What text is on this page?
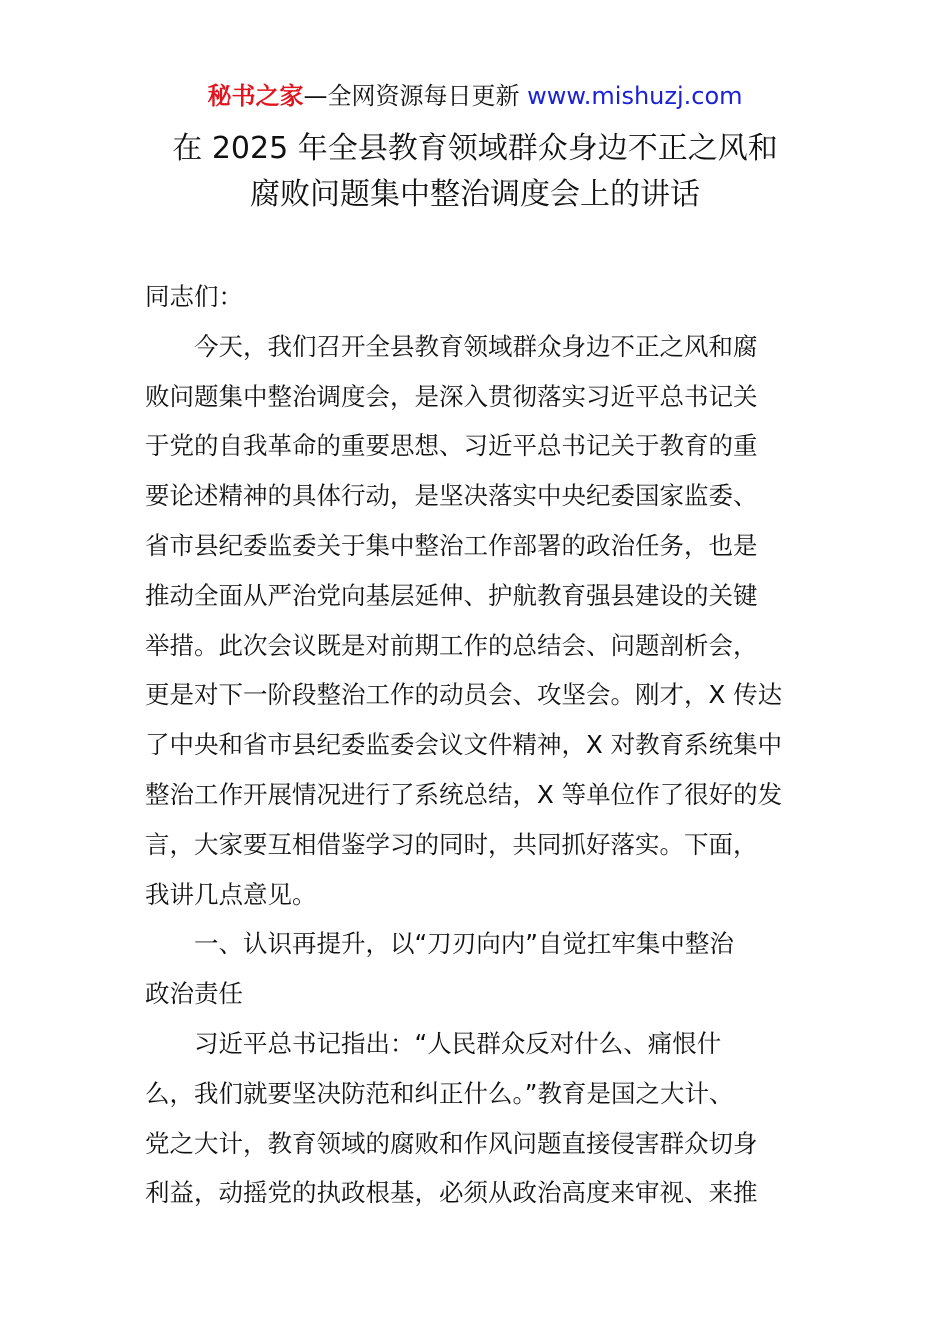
秘书之家—全网资源每日更新 www.mishuzj.com
在 2025 年全县教育领域群众身边不正之风和
腐败问题集中整治调度会上的讲话
同志们：
今天，我们召开全县教育领域群众身边不正之风和腐
败问题集中整治调度会，是深入贯彻落实习近平总书记关
于党的自我革命的重要思想、习近平总书记关于教育的重
要论述精神的具体行动，是坚决落实中央纪委国家监委、
省市县纪委监委关于集中整治工作部署的政治任务，也是
推动全面从严治党向基层延伸、护航教育强县建设的关键
举措。此次会议既是对前期工作的总结会、问题剖析会，
更是对下一阶段整治工作的动员会、攻坚会。刚才，X 传达
了中央和省市县纪委监委会议文件精神，X 对教育系统集中
整治工作开展情况进行了系统总结，X 等单位作了很好的发
言，大家要互相借鉴学习的同时，共同抓好落实。下面，
我讲几点意见。
一、认识再提升，以“刀刃向内”自觉扛牢集中整治
政治责任
习近平总书记指出：“人民群众反对什么、痛恨什
么，我们就要坚决防范和纠正什么。”教育是国之大计、
党之大计，教育领域的腐败和作风问题直接侵害群众切身
利益，动摇党的执政根基，必须从政治高度来审视、来推
